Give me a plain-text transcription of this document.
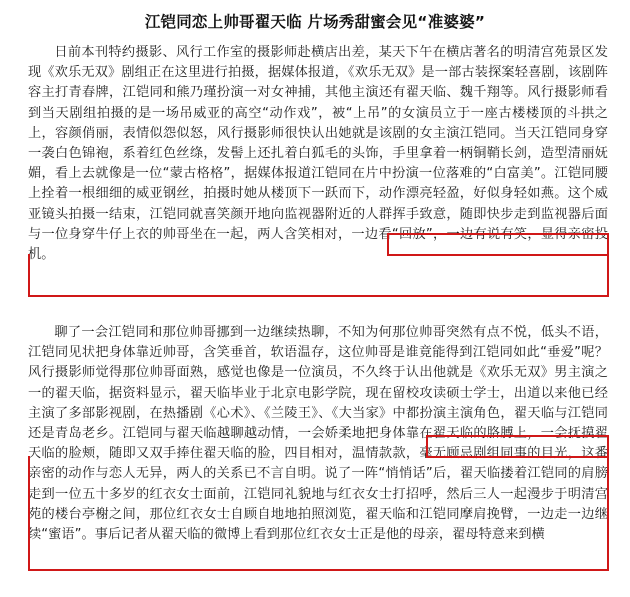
江铠同恋上帅哥翟天临 片场秀甜蜜会见“准婆婆”
日前本刊特约摄影、风行工作室的摄影师赴横店出差，某天下午在横店著名的明清宫苑景区发现《欢乐无双》剧组正在这里进行拍摄，据媒体报道，《欢乐无双》是一部古装探案轻喜剧，该剧阵容主打青春牌，江铠同和熊乃瑾扮演一对女神捕，其他主演还有翟天临、魏千翔等。风行摄影师看到当天剧组拍摄的是一场吊威亚的高空“动作戏”，被“上吊”的女演员立于一座古楼楼顶的斗拱之上，容颜俏丽，表情似怨似怒，风行摄影师很快认出她就是该剧的女主演江铠同。当天江铠同身穿一袭白色锦袍，系着红色丝绦，发髻上还扎着白狐毛的头饰，手里拿着一柄铜鞘长剑，造型清丽妩媚，看上去就像是一位“蒙古格格”，据媒体报道江铠同在片中扮演一位落难的“白富美”。江铠同腰上拴着一根细细的威亚钢丝，拍摄时她从楼顶下一跃而下，动作漂亮轻盈，好似身轻如燕。这个威亚镜头拍摄一结束，江铠同就喜笑颜开地向监视器附近的人群挥手致意，随即快步走到监视器后面与一位身穿牛仔上衣的帅哥坐在一起，两人含笑相对，一边看“回放”，一边有说有笑，显得亲密投机。
聊了一会江铠同和那位帅哥挪到一边继续热聊，不知为何那位帅哥突然有点不悦，低头不语，江铠同见状把身体靠近帅哥，含笑垂首，软语温存，这位帅哥是谁竟能得到江铠同如此“垂爱”呢？风行摄影师觉得那位帅哥面熟，感觉也像是一位演员，不久终于认出他就是《欢乐无双》男主演之一的翟天临，据资料显示，翟天临毕业于北京电影学院，现在留校攻读硕士学士，出道以来他已经主演了多部影视剧，在热播剧《心术》、《兰陵王》、《大当家》中都扮演主演角色，翟天临与江铠同还是青岛老乡。江铠同与翟天临越聊越动情，一会娇柔地把身体靠在翟天临的胳膊上，一会抚摸翟天临的脸颊，随即又双手捧住翟天临的脸，四目相对，温情款款，毫无顾忌剧组同事的目光，这番亲密的动作与恋人无异，两人的关系已不言自明。说了一阵“悄悄话”后，翟天临搂着江铠同的肩膀走到一位五十多岁的红衣女士面前，江铠同礼貌地与红衣女士打招呼，然后三人一起漫步于明清宫苑的楼台亭榭之间，那位红衣女士自顾自地地拍照浏览，翟天临和江铠同摩肩挽臂，一边走一边继续“蜜语”。事后记者从翟天临的微博上看到那位红衣女士正是他的母亲，翟母特意来到横
